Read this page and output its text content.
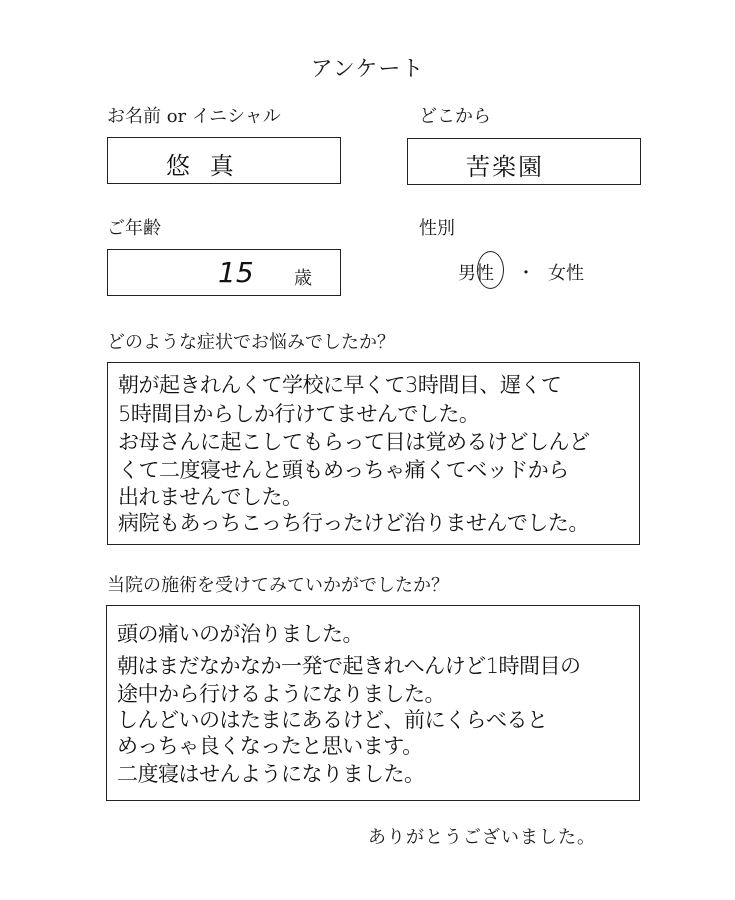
アンケート
お名前 or イニシャル
悠 真
どこから
苦楽園
ご年齢
15 歳
性別
男性 ・ 女性
どのような症状でお悩みでしたか？
朝が起きれんくて学校に早くて3時間目、遅くて
5時間目からしか行けてませんでした。
お母さんに起こしてもらって目は覚めるけどしんど
くて二度寝せんと頭もめっちゃ痛くてベッドから
出れませんでした。
病院もあっちこっち行ったけど治りませんでした。
当院の施術を受けてみていかがでしたか？
頭の痛いのが治りました。
朝はまだなかなか一発で起きれへんけど1時間目の
途中から行けるようになりました。
しんどいのはたまにあるけど、前にくらべると
めっちゃ良くなったと思います。
二度寝はせんようになりました。
ありがとうございました。
